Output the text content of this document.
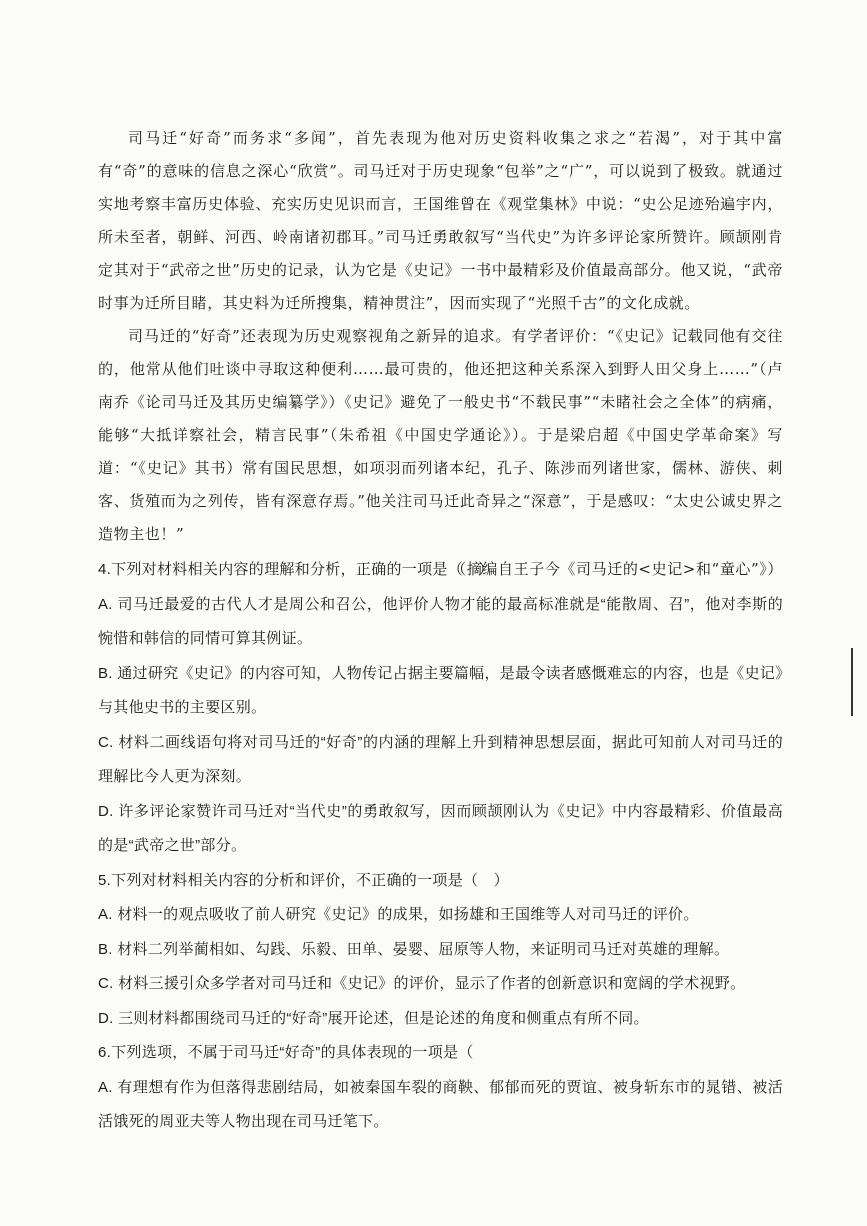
司马迁“好奇”而务求“多闻”，首先表现为他对历史资料收集之求之“若渴”，对于其中富有“奇”的意味的信息之深心“欣赏”。司马迁对于历史现象“包举”之“广”，可以说到了极致。就通过实地考察丰富历史体验、充实历史见识而言，王国维曾在《观堂集林》中说：“史公足迹殆遍宇内，所未至者，朝鲜、河西、岭南诸初郡耳。”司马迁勇敢叙写“当代史”为许多评论家所赞许。顾颉刚肯定其对于“武帝之世”历史的记录，认为它是《史记》一书中最精彩及价值最高部分。他又说，“武帝时事为迁所目睹，其史料为迁所搜集，精神贯注”，因而实现了“光照千古”的文化成就。

司马迁的“好奇”还表现为历史观察视角之新异的追求。有学者评价：“《史记》记载同他有交往的，他常从他们吐谈中寻取这种便利……最可贵的，他还把这种关系深入到野人田父身上……”（卢南乔《论司马迁及其历史编纂学》）《史记》避免了一般史书“不载民事”“未睹社会之全体”的病痛，能够“大抵详察社会，精言民事”（朱希祖《中国史学通论》）。于是梁启超《中国史学革命案》写道：“《史记》其书）常有国民思想，如项羽而列诸本纪，孔子、陈涉而列诸世家，儒林、游侠、刺客、货殖而为之列传，皆有深意存焉。”他关注司马迁此奇异之“深意”，于是感叹：“太史公诚史界之造物主也！”

（摘编自王子今《司马迁的<史记>和“童心”》）

4.下列对材料相关内容的理解和分析，正确的一项是（　）

A. 司马迁最爱的古代人才是周公和召公，他评价人物才能的最高标准就是“能散周、召”，他对李斯的惋惜和韩信的同情可算其例证。

B. 通过研究《史记》的内容可知，人物传记占据主要篇幅，是最令读者感慨难忘的内容，也是《史记》与其他史书的主要区别。

C. 材料二画线语句将对司马迁的“好奇”的内涵的理解上升到精神思想层面，据此可知前人对司马迁的理解比今人更为深刻。

D. 许多评论家赞许司马迁对“当代史”的勇敢叙写，因而顾颉刚认为《史记》中内容最精彩、价值最高的是“武帝之世”部分。

5.下列对材料相关内容的分析和评价，不正确的一项是（　）

A. 材料一的观点吸收了前人研究《史记》的成果，如扬雄和王国维等人对司马迁的评价。

B. 材料二列举蔺相如、勾践、乐毅、田单、晏婴、屈原等人物，来证明司马迁对英雄的理解。

C. 材料三援引众多学者对司马迁和《史记》的评价，显示了作者的创新意识和宽阔的学术视野。

D. 三则材料都围绕司马迁的“好奇”展开论述，但是论述的角度和侧重点有所不同。

6.下列选项，不属于司马迁“好奇”的具体表现的一项是（

A. 有理想有作为但落得悲剧结局，如被秦国车裂的商鞅、郁郁而死的贾谊、被身斩东市的晁错、被活活饿死的周亚夫等人物出现在司马迁笔下。
